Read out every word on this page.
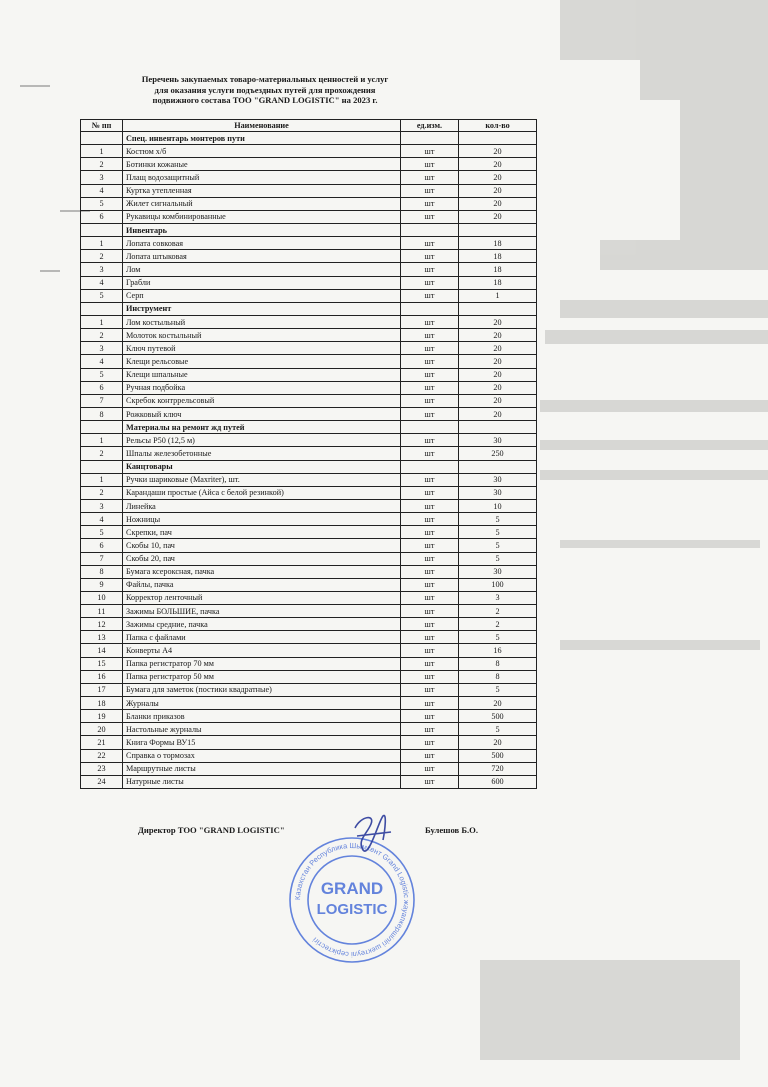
Перечень закупаемых товаро-материальных ценностей и услуг
для оказания услуги подъездных путей для прохождения
подвижного состава ТОО "GRAND LOGISTIC" на 2023 г.
№ пп	Наименование	ед.изм.	кол-во
	Спец. инвентарь монтеров пути		
1	Костюм х/б	шт	20
2	Ботинки кожаные	шт	20
3	Плащ водозащитный	шт	20
4	Куртка утепленная	шт	20
5	Жилет сигнальный	шт	20
6	Рукавицы комбинированные	шт	20
	Инвентарь		
1	Лопата совковая	шт	18
2	Лопата штыковая	шт	18
3	Лом	шт	18
4	Грабли	шт	18
5	Серп	шт	1
	Инструмент		
1	Лом костыльный	шт	20
2	Молоток костыльный	шт	20
3	Ключ путевой	шт	20
4	Клещи рельсовые	шт	20
5	Клещи шпальные	шт	20
6	Ручная подбойка	шт	20
7	Скребок контррельсовый	шт	20
8	Рожковый ключ	шт	20
	Материалы на ремонт жд путей		
1	Рельсы Р50 (12,5 м)	шт	30
2	Шпалы железобетонные	шт	250
	Канцтовары		
1	Ручки шариковые (Maxriter), шт.	шт	30
2	Карандаши простые (Айса с белой резинкой)	шт	30
3	Линейка	шт	10
4	Ножницы	шт	5
5	Скрепки, пач	шт	5
6	Скобы 10, пач	шт	5
7	Скобы 20, пач	шт	5
8	Бумага ксероксная, пачка	шт	30
9	Файлы, пачка	шт	100
10	Корректор ленточный	шт	3
11	Зажимы БОЛЬШИЕ, пачка	шт	2
12	Зажимы средние, пачка	шт	2
13	Папка с файлами	шт	5
14	Конверты А4	шт	16
15	Папка регистратор 70 мм	шт	8
16	Папка регистратор 50 мм	шт	8
17	Бумага для заметок (постики квадратные)	шт	5
18	Журналы	шт	20
19	Бланки приказов	шт	500
20	Настольные журналы	шт	5
21	Книга Формы ВУ15	шт	20
22	Справка о тормозах	шт	500
23	Маршрутные листы	шт	720
24	Натурные листы	шт	600
Директор ТОО "GRAND LOGISTIC"	Булешов Б.О.
Казахстан Республика Шымкент Grand Logistic жауапкершілігі шектеулі серіктестігі
GRAND
LOGISTIC
